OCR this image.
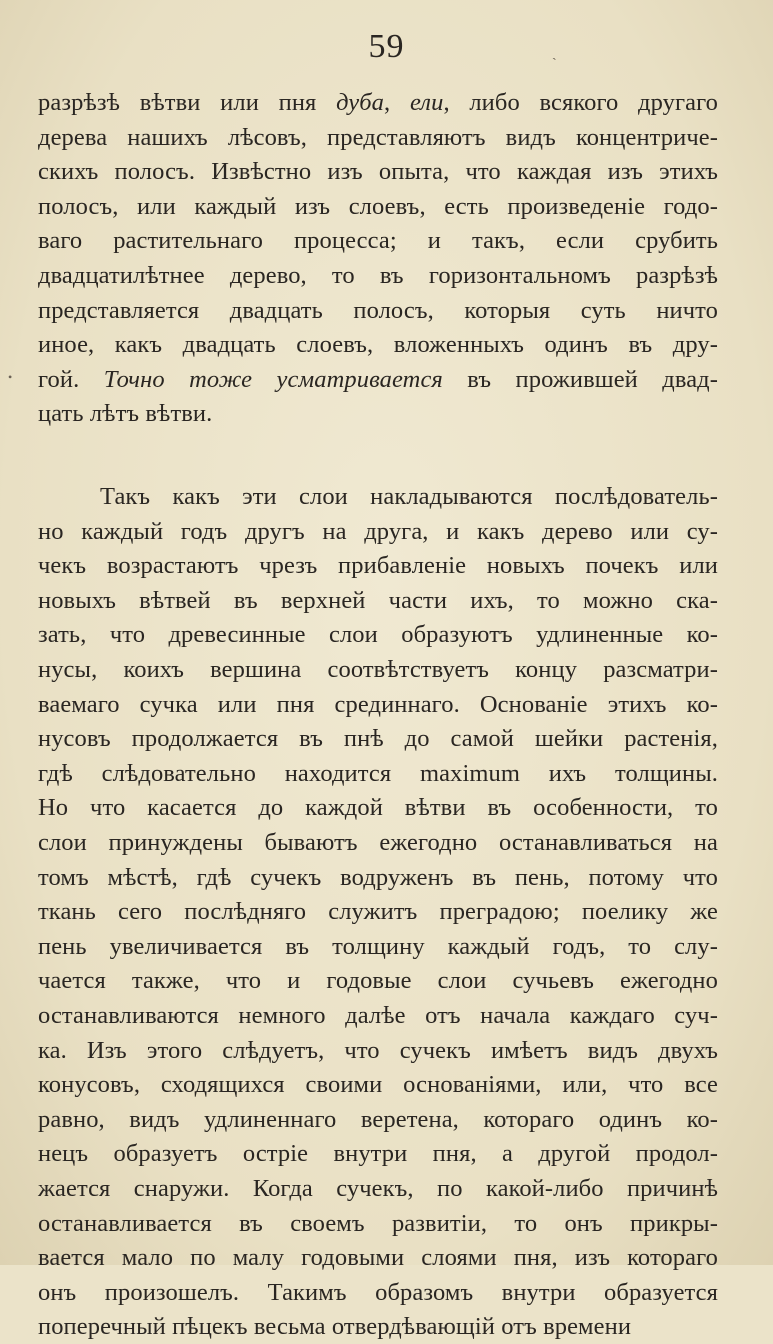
59	ˏ
•
разрѣзѣ вѣтви или пня дуба, ели, либо всякого другаго
дерева нашихъ лѣсовъ, представляютъ видъ концентриче-
скихъ полосъ. Извѣстно изъ опыта, что каждая изъ этихъ
полосъ, или каждый изъ слоевъ, есть произведеніе годо-
ваго растительнаго процесса; и такъ, если срубить
двадцатилѣтнее дерево, то въ горизонтальномъ разрѣзѣ
представляется двадцать полосъ, которыя суть ничто
иное, какъ двадцать слоевъ, вложенныхъ одинъ въ дру-
гой. Точно тоже усматривается въ прожившей двад-
цать лѣтъ вѣтви.
Такъ какъ эти слои накладываются послѣдователь-
но каждый годъ другъ на друга, и какъ дерево или су-
чекъ возрастаютъ чрезъ прибавленіе новыхъ почекъ или
новыхъ вѣтвей въ верхней части ихъ, то можно ска-
зать, что древесинные слои образуютъ удлиненные ко-
нусы, коихъ вершина соотвѣтствуетъ концу разсматри-
ваемаго сучка или пня срединнаго. Основаніе этихъ ко-
нусовъ продолжается въ пнѣ до самой шейки растенія,
гдѣ слѣдовательно находится maximum ихъ толщины.
Но что касается до каждой вѣтви въ особенности, то
слои принуждены бываютъ ежегодно останавливаться на
томъ мѣстѣ, гдѣ сучекъ водруженъ въ пень, потому что
ткань сего послѣдняго служитъ преградою; поелику же
пень увеличивается въ толщину каждый годъ, то слу-
чается также, что и годовые слои сучьевъ ежегодно
останавливаются немного далѣе отъ начала каждаго суч-
ка. Изъ этого слѣдуетъ, что сучекъ имѣетъ видъ двухъ
конусовъ, сходящихся своими основаніями, или, что все
равно, видъ удлиненнаго веретена, котораго одинъ ко-
нецъ образуетъ остріе внутри пня, а другой продол-
жается снаружи. Когда сучекъ, по какой-либо причинѣ
останавливается въ своемъ развитіи, то онъ прикры-
вается мало по малу годовыми слоями пня, изъ котораго
онъ произошелъ. Такимъ образомъ внутри образуется
поперечный пѣцекъ весьма отвердѣвающій отъ времени
